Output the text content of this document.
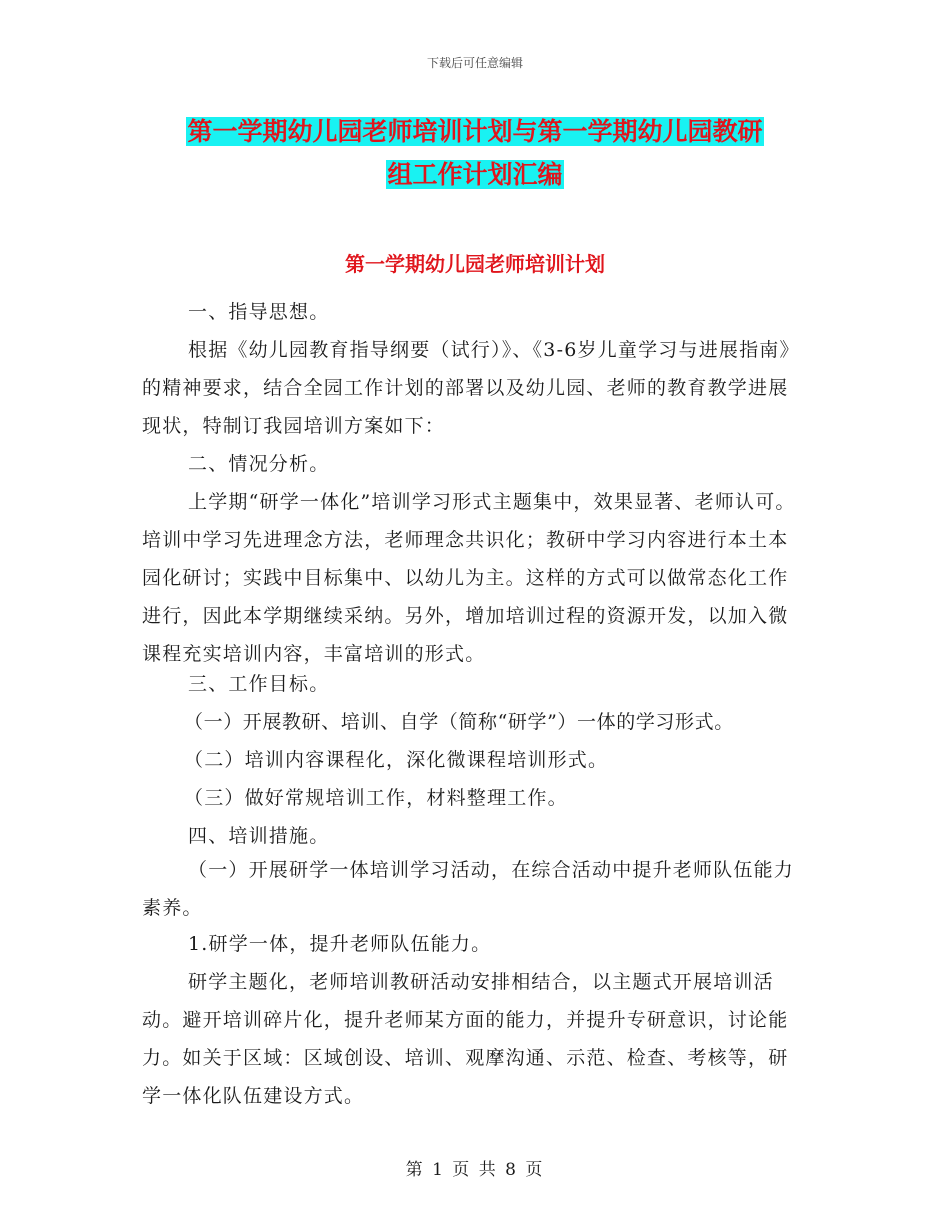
下载后可任意编辑
第一学期幼儿园老师培训计划与第一学期幼儿园教研
组工作计划汇编
第一学期幼儿园老师培训计划

一、指导思想。

根据《幼儿园教育指导纲要（试行）》、《3-6岁儿童学习与进展指南》的精神要求，结合全园工作计划的部署以及幼儿园、老师的教育教学进展现状，特制订我园培训方案如下：

二、情况分析。

上学期“研学一体化”培训学习形式主题集中，效果显著、老师认可。培训中学习先进理念方法，老师理念共识化；教研中学习内容进行本土本园化研讨；实践中目标集中、以幼儿为主。这样的方式可以做常态化工作进行，因此本学期继续采纳。另外，增加培训过程的资源开发，以加入微课程充实培训内容，丰富培训的形式。

三、工作目标。

（一）开展教研、培训、自学（简称“研学”）一体的学习形式。

（二）培训内容课程化，深化微课程培训形式。

（三）做好常规培训工作，材料整理工作。

四、培训措施。

（一）开展研学一体培训学习活动，在综合活动中提升老师队伍能力素养。

1.研学一体，提升老师队伍能力。

研学主题化，老师培训教研活动安排相结合，以主题式开展培训活动。避开培训碎片化，提升老师某方面的能力，并提升专研意识，讨论能力。如关于区域：区域创设、培训、观摩沟通、示范、检查、考核等，研学一体化队伍建设方式。

第 1 页 共 8 页
